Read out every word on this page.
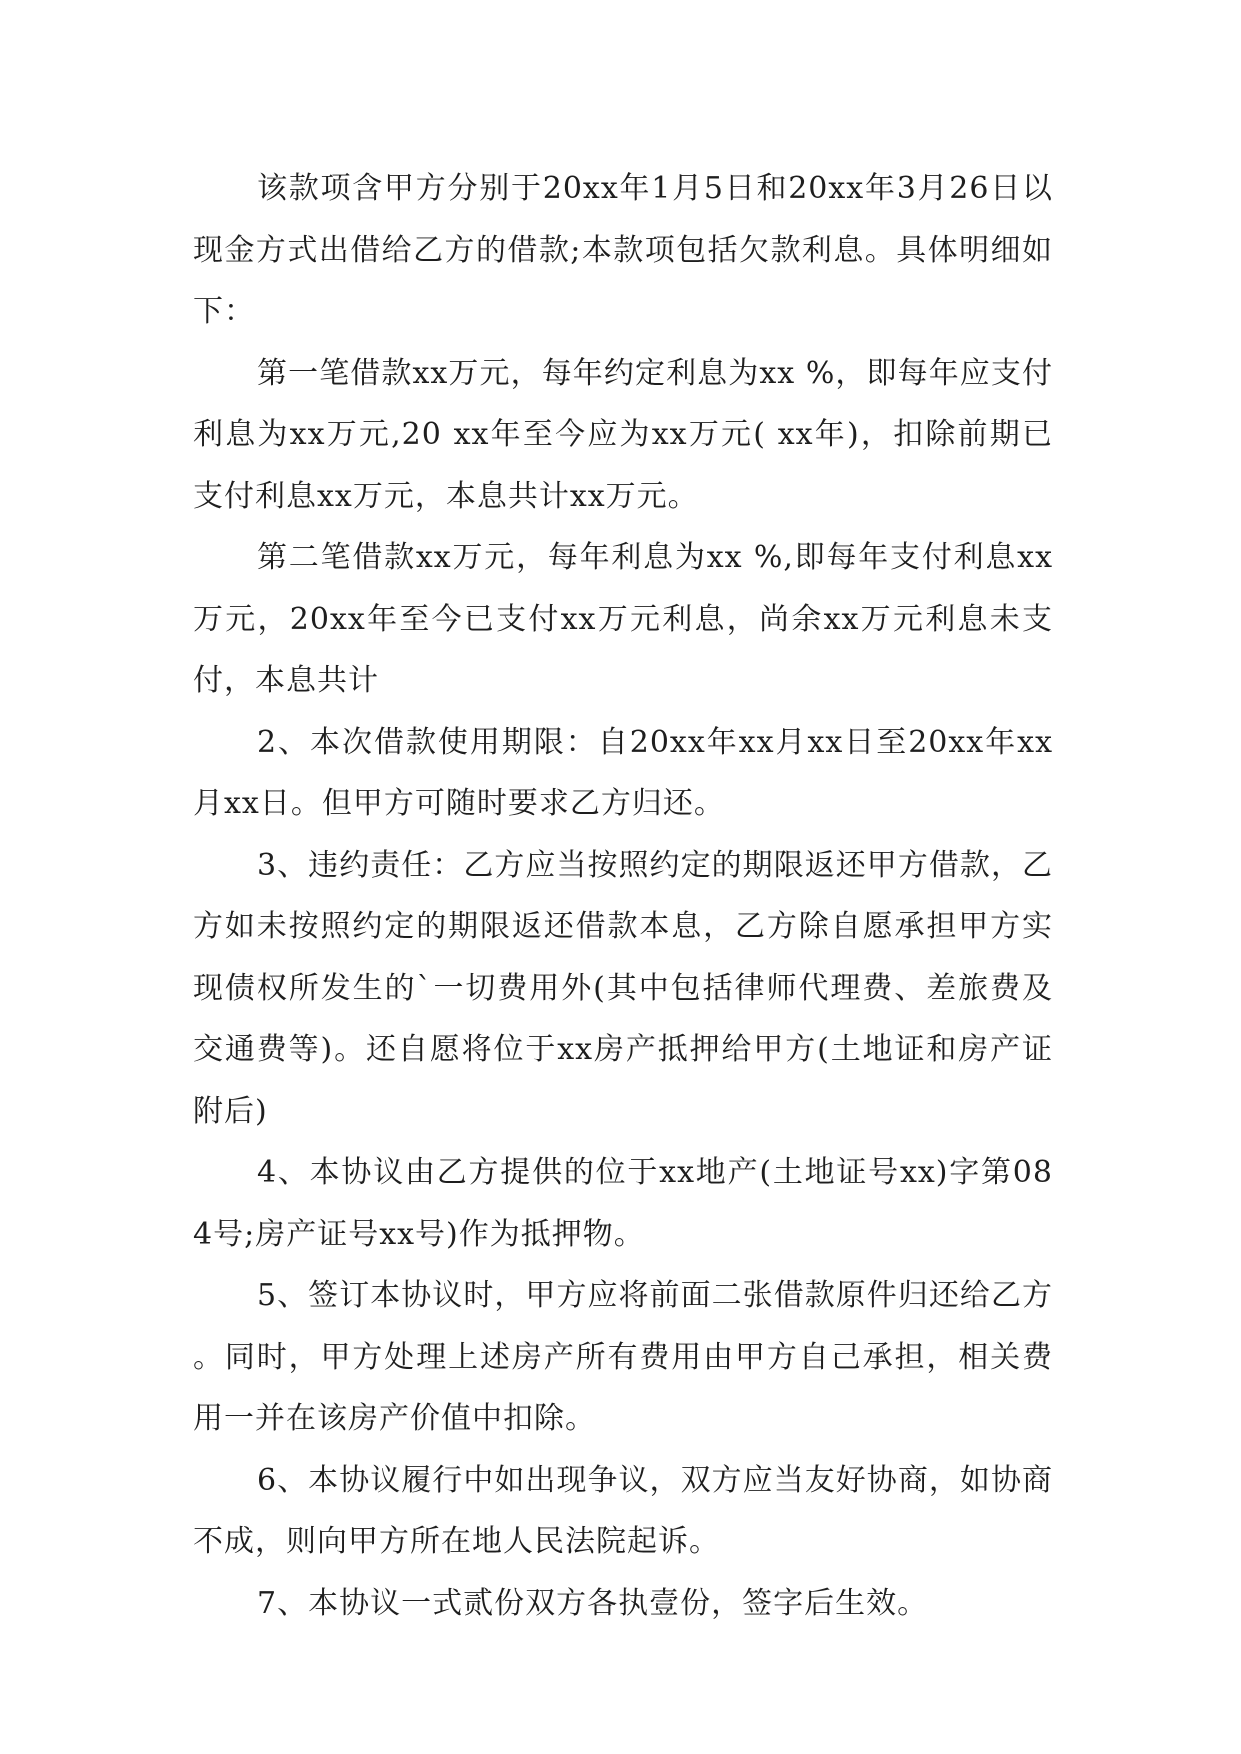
该款项含甲方分别于20xx年1月5日和20xx年3月26日以现金方式出借给乙方的借款;本款项包括欠款利息。具体明细如下：

第一笔借款xx万元，每年约定利息为xx %，即每年应支付利息为xx万元,20 xx年至今应为xx万元( xx年)，扣除前期已支付利息xx万元，本息共计xx万元。

第二笔借款xx万元，每年利息为xx %,即每年支付利息xx万元，20xx年至今已支付xx万元利息，尚余xx万元利息未支付，本息共计

2、本次借款使用期限：自20xx年xx月xx日至20xx年xx月xx日。但甲方可随时要求乙方归还。

3、违约责任：乙方应当按照约定的期限返还甲方借款，乙方如未按照约定的期限返还借款本息，乙方除自愿承担甲方实现债权所发生的`一切费用外(其中包括律师代理费、差旅费及交通费等)。还自愿将位于xx房产抵押给甲方(土地证和房产证附后)

4、本协议由乙方提供的位于xx地产(土地证号xx)字第084号;房产证号xx号)作为抵押物。

5、签订本协议时，甲方应将前面二张借款原件归还给乙方。同时，甲方处理上述房产所有费用由甲方自己承担，相关费用一并在该房产价值中扣除。

6、本协议履行中如出现争议，双方应当友好协商，如协商不成，则向甲方所在地人民法院起诉。

7、本协议一式贰份双方各执壹份，签字后生效。
